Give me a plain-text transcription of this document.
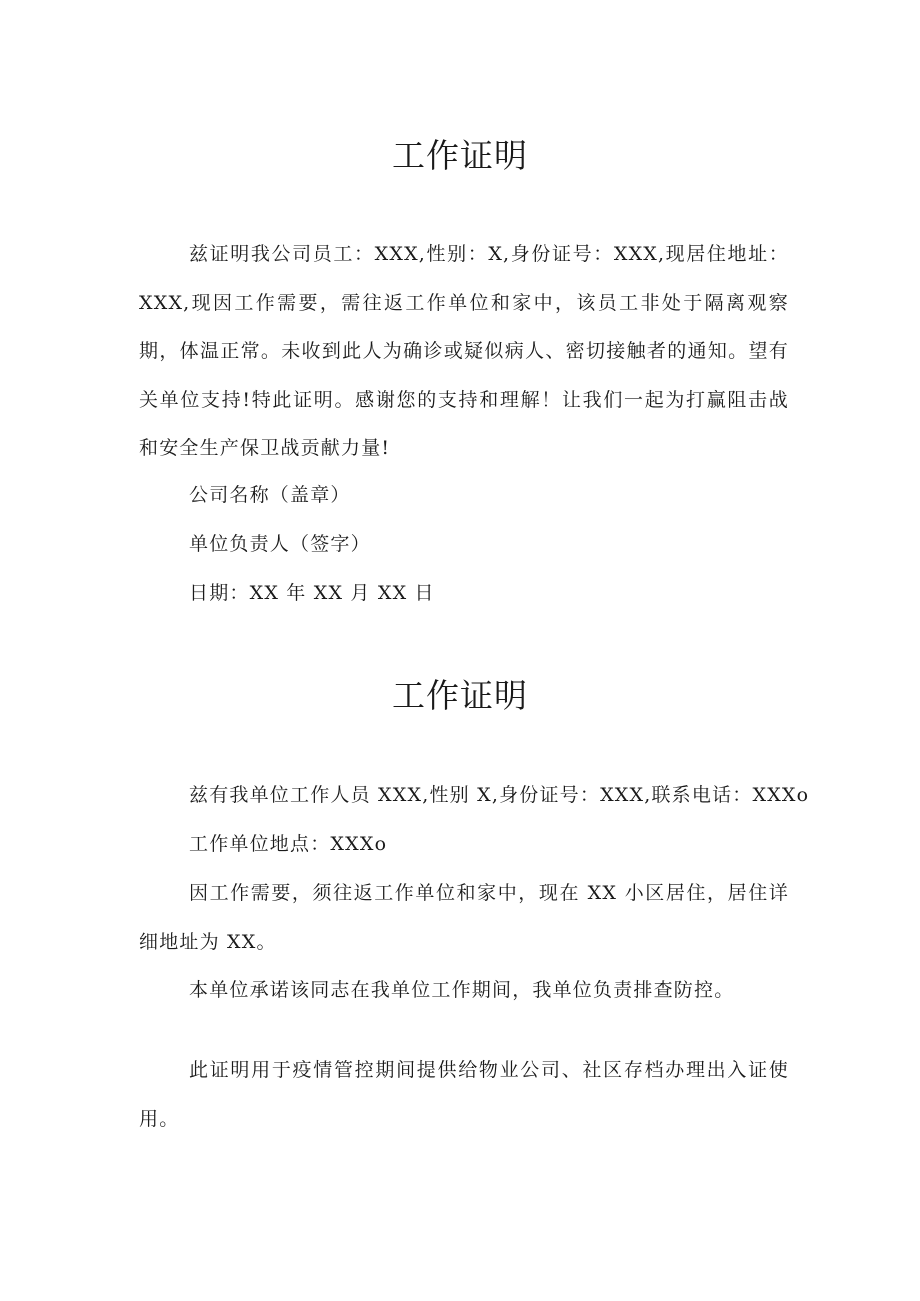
工作证明

兹证明我公司员工：XXX,性别：X,身份证号：XXX,现居住地址：XXX,现因工作需要，需往返工作单位和家中，该员工非处于隔离观察期，体温正常。未收到此人为确诊或疑似病人、密切接触者的通知。望有关单位支持!特此证明。感谢您的支持和理解！让我们一起为打赢阻击战和安全生产保卫战贡献力量!

公司名称（盖章）

单位负责人（签字）

日期：XX 年 XX 月 XX 日

工作证明

兹有我单位工作人员 XXX,性别 X,身份证号：XXX,联系电话：XXXo

工作单位地点：XXXo

因工作需要，须往返工作单位和家中，现在 XX 小区居住，居住详细地址为 XX。

本单位承诺该同志在我单位工作期间，我单位负责排查防控。

此证明用于疫情管控期间提供给物业公司、社区存档办理出入证使用。
